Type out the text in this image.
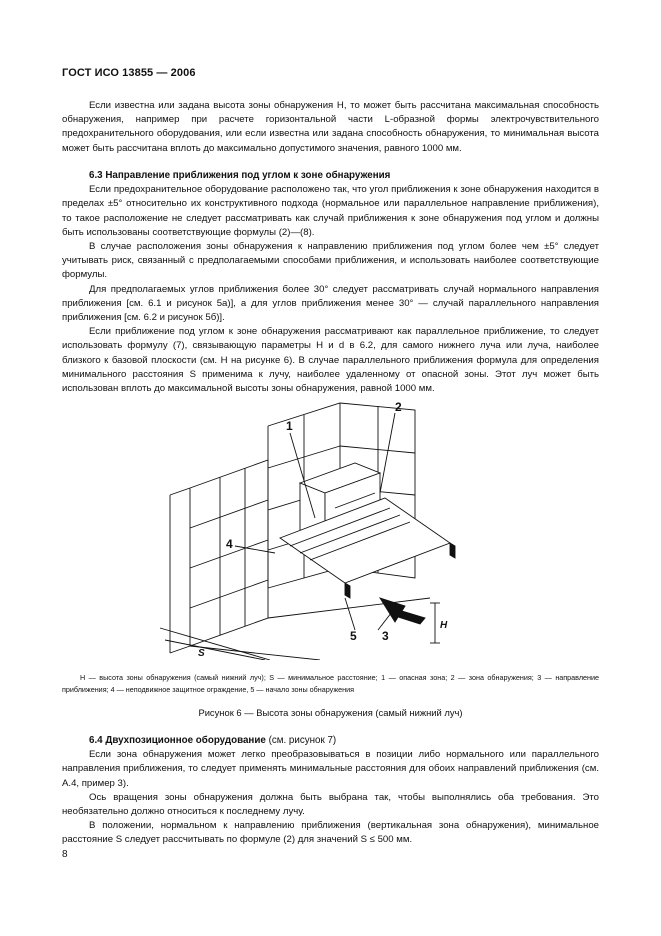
ГОСТ ИСО 13855 — 2006

Если известна или задана высота зоны обнаружения H, то может быть рассчитана максимальная способность обнаружения, например при расчете горизонтальной части L-образной формы электрочувствительного предохранительного оборудования, или если известна или задана способность обнаружения, то минимальная высота может быть рассчитана вплоть до максимально допустимого значения, равного 1000 мм.

6.3 Направление приближения под углом к зоне обнаружения

Если предохранительное оборудование расположено так, что угол приближения к зоне обнаружения находится в пределах ±5° относительно их конструктивного подхода (нормальное или параллельное направление приближения), то такое расположение не следует рассматривать как случай приближения к зоне обнаружения под углом и должны быть использованы соответствующие формулы (2)—(8).

В случае расположения зоны обнаружения к направлению приближения под углом более чем ±5° следует учитывать риск, связанный с предполагаемыми способами приближения, и использовать наиболее соответствующие формулы.

Для предполагаемых углов приближения более 30° следует рассматривать случай нормального направления приближения [см. 6.1 и рисунок 5а)], а для углов приближения менее 30° — случай параллельного направления приближения [см. 6.2 и рисунок 5б)].

Если приближение под углом к зоне обнаружения рассматривают как параллельное приближение, то следует использовать формулу (7), связывающую параметры H и d в 6.2, для самого нижнего луча или луча, наиболее близкого к базовой плоскости (см. H на рисунке 6). В случае параллельного приближения формула для определения минимального расстояния S применима к лучу, наиболее удаленному от опасной зоны. Этот луч может быть использован вплоть до максимальной высоты зоны обнаружения, равной 1000 мм.

1
2
3
4
5
H
S
H — высота зоны обнаружения (самый нижний луч); S — минимальное расстояние; 1 — опасная зона; 2 — зона обнаружения; 3 — направление приближения; 4 — неподвижное защитное ограждение, 5 — начало зоны обнаружения
Рисунок 6 — Высота зоны обнаружения (самый нижний луч)
6.4 Двухпозиционное оборудование (см. рисунок 7)

Если зона обнаружения может легко преобразовываться в позиции либо нормального или параллельного направления приближения, то следует применять минимальные расстояния для обоих направлений приближения (см. А.4, пример 3).

Ось вращения зоны обнаружения должна быть выбрана так, чтобы выполнялись оба требования. Это необязательно должно относиться к последнему лучу.

В положении, нормальном к направлению приближения (вертикальная зона обнаружения), минимальное расстояние S следует рассчитывать по формуле (2) для значений S ≤ 500 мм.

8
